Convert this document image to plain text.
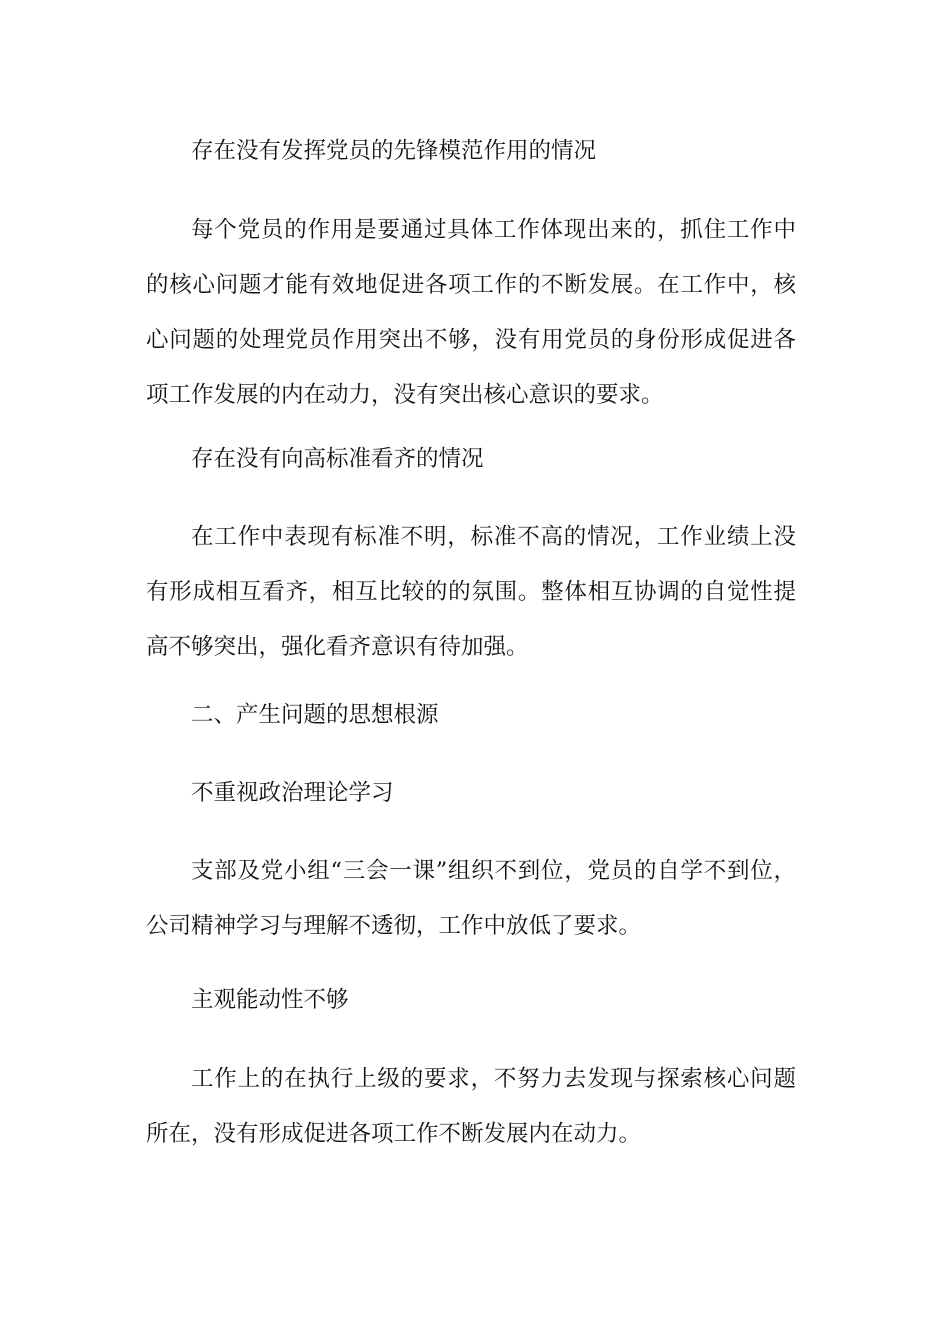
存在没有发挥党员的先锋模范作用的情况

每个党员的作用是要通过具体工作体现出来的，抓住工作中的核心问题才能有效地促进各项工作的不断发展。在工作中，核心问题的处理党员作用突出不够，没有用党员的身份形成促进各项工作发展的内在动力，没有突出核心意识的要求。

存在没有向高标准看齐的情况

在工作中表现有标准不明，标准不高的情况，工作业绩上没有形成相互看齐，相互比较的的氛围。整体相互协调的自觉性提高不够突出，强化看齐意识有待加强。

二、产生问题的思想根源

不重视政治理论学习

支部及党小组“三会一课”组织不到位，党员的自学不到位，公司精神学习与理解不透彻，工作中放低了要求。

主观能动性不够

工作上的在执行上级的要求，不努力去发现与探索核心问题所在，没有形成促进各项工作不断发展内在动力。
